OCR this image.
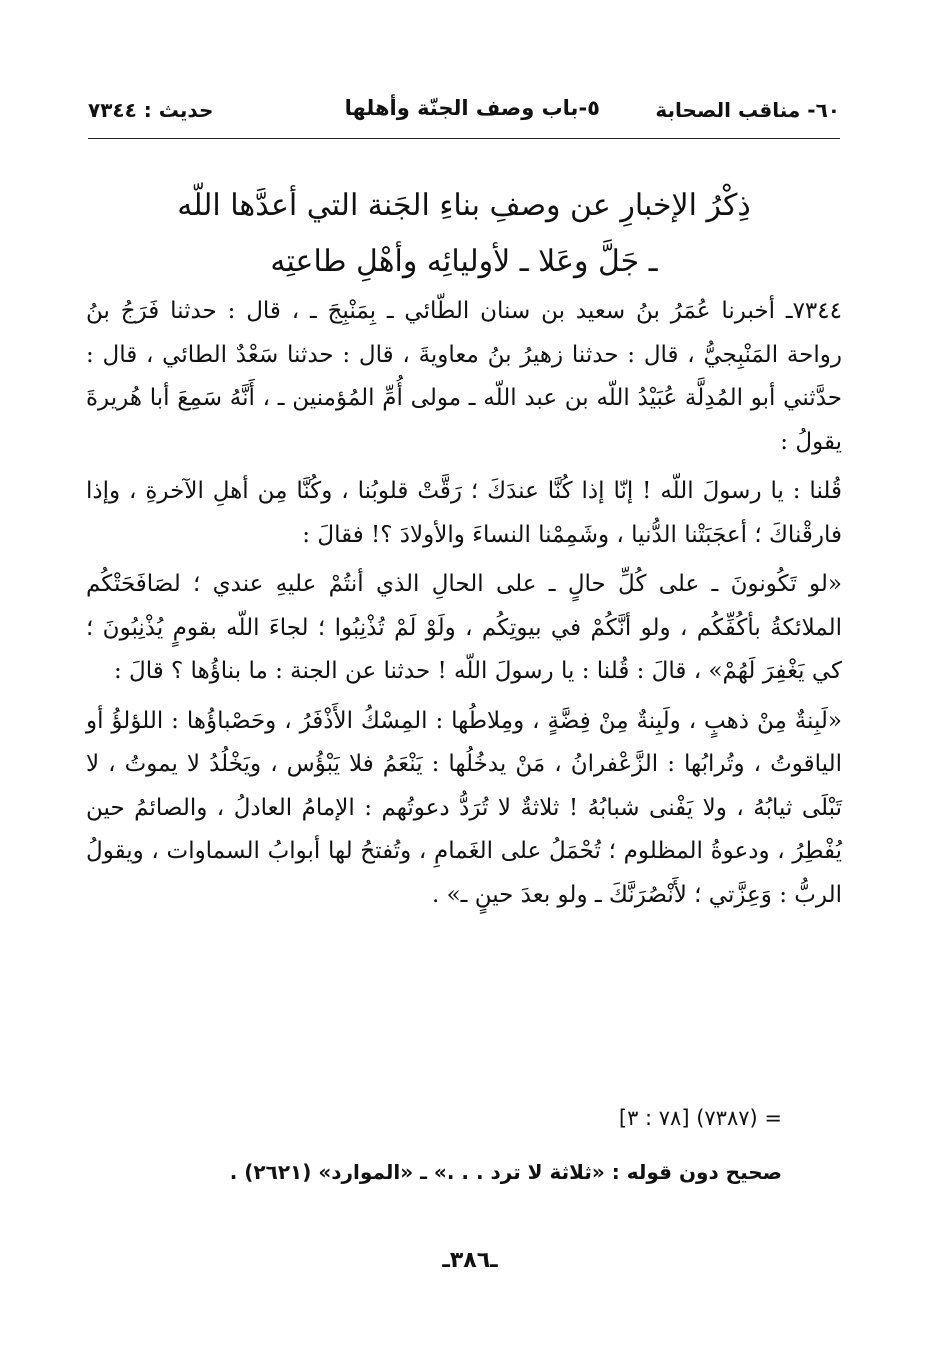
٦٠- مناقب الصحابة
٥-باب وصف الجنّة وأهلها
حديث : ٧٣٤٤
ذِكْرُ الإخبارِ عن وصفِ بناءِ الجَنة التي أعدَّها اللّه
ـ جَلَّ وعَلا ـ لأوليائِه وأهْلِ طاعتِه

٧٣٤٤ـ أخبرنا عُمَرُ بنُ سعيد بن سنان الطّائي ـ بِمَنْبِجَ ـ ، قال : حدثنا فَرَجُ بنُ رواحة المَنْبِجيُّ ، قال : حدثنا زهيرُ بنُ معاويةَ ، قال : حدثنا سَعْدٌ الطائي ، قال : حدَّثني أبو المُدِلَّة عُبَيْدُ اللّه بن عبد اللّه ـ مولى أُمِّ المُؤمنين ـ ، أَنَّهُ سَمِعَ أبا هُريرةَ يقولُ :

قُلنا : يا رسولَ اللّه ! إنّا إذا كُنَّا عندَكَ ؛ رَقَّتْ قلوبُنا ، وكُنَّا مِن أهلِ الآخرةِ ، وإذا فارقْناكَ ؛ أعجَبَتْنا الدُّنيا ، وشَمِمْنا النساءَ والأولادَ ؟! فقالَ :

«لو تَكُونونَ ـ على كُلِّ حالٍ ـ على الحالِ الذي أنتُمْ عليهِ عندي ؛ لصَافَحَتْكُم الملائكةُ بأكُفِّكُم ، ولو أنَّكُمْ في بيوتِكُم ، ولَوْ لَمْ تُذْنِبُوا ؛ لجاءَ اللّه بقومٍ يُذْنِبُونَ ؛ كي يَغْفِرَ لَهُمْ» ، قالَ : قُلنا : يا رسولَ اللّه ! حدثنا عن الجنة : ما بناؤُها ؟ قالَ :

«لَبِنةٌ مِنْ ذهبٍ ، ولَبِنةٌ مِنْ فِضَّةٍ ، ومِلاطُها : المِسْكُ الأَذْفَرُ ، وحَصْباؤُها : اللؤلؤُ أو الياقوتُ ، وتُرابُها : الزَّعْفرانُ ، مَنْ يدخُلُها : يَنْعَمُ فلا يَبْؤُس ، ويَخْلُدُ لا يموتُ ، لا تَبْلَى ثيابُهُ ، ولا يَفْنى شبابُهُ ! ثلاثةٌ لا تُرَدُّ دعوتُهم : الإمامُ العادلُ ، والصائمُ حين يُفْطِرُ ، ودعوةُ المظلوم ؛ تُحْمَلُ على الغَمامِ ، وتُفتحُ لها أبوابُ السماوات ، ويقولُ الربُّ : وَعِزَّتي ؛ لأَنْصُرَنَّكَ ـ ولو بعدَ حينٍ ـ» .

= (٧٣٨٧) [٧٨ : ٣]
صحيح دون قوله : «ثلاثة لا ترد . . .» ـ «الموارد» (٢٦٢١) .
ـ٣٨٦ـ
